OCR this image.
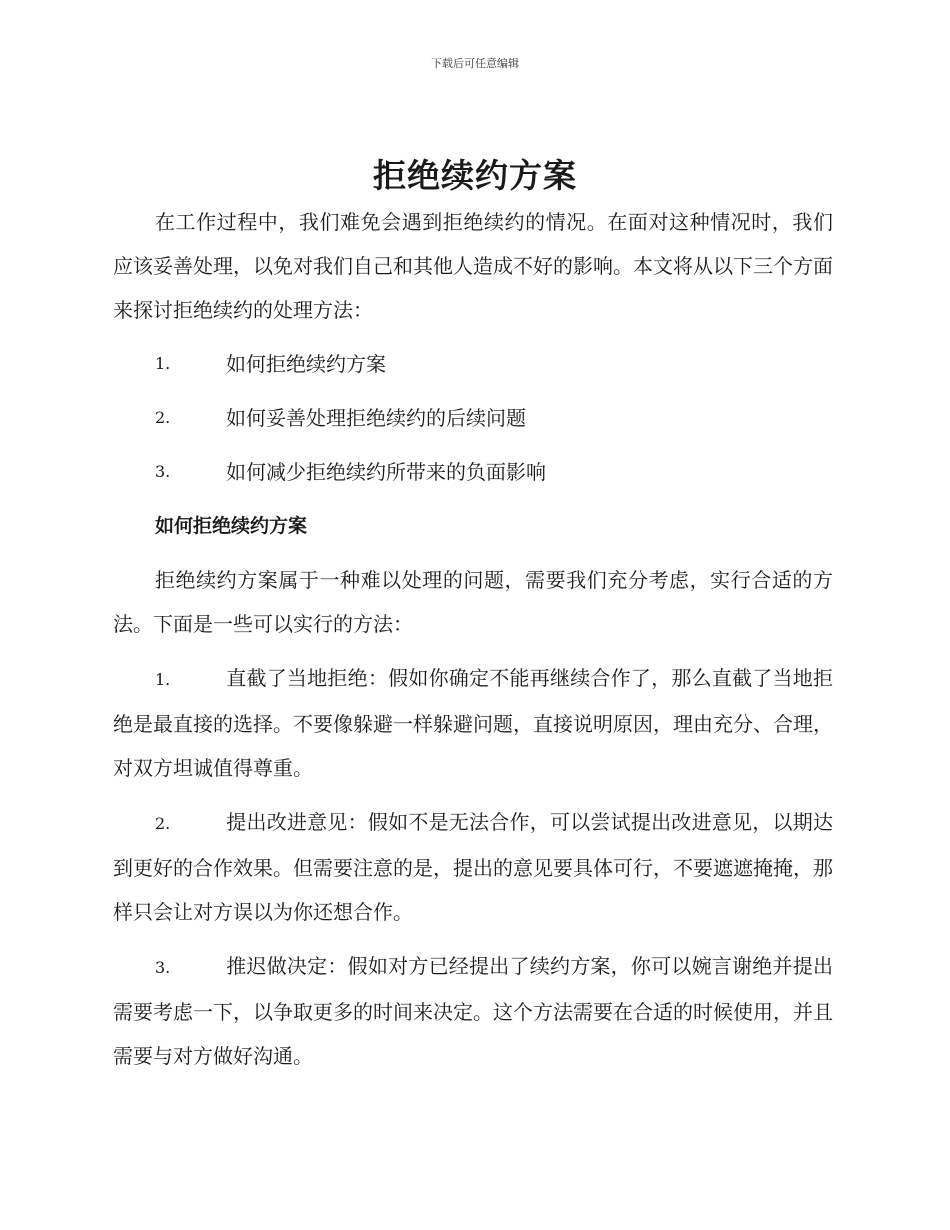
下载后可任意编辑
拒绝续约方案

在工作过程中，我们难免会遇到拒绝续约的情况。在面对这种情况时，我们应该妥善处理，以免对我们自己和其他人造成不好的影响。本文将从以下三个方面来探讨拒绝续约的处理方法：

1.	如何拒绝续约方案
2.	如何妥善处理拒绝续约的后续问题
3.	如何减少拒绝续约所带来的负面影响
如何拒绝续约方案

拒绝续约方案属于一种难以处理的问题，需要我们充分考虑，实行合适的方法。下面是一些可以实行的方法：

1.	直截了当地拒绝：假如你确定不能再继续合作了，那么直截了当地拒绝是最直接的选择。不要像躲避一样躲避问题，直接说明原因，理由充分、合理，对双方坦诚值得尊重。
2.	提出改进意见：假如不是无法合作，可以尝试提出改进意见，以期达到更好的合作效果。但需要注意的是，提出的意见要具体可行，不要遮遮掩掩，那样只会让对方误以为你还想合作。
3.	推迟做决定：假如对方已经提出了续约方案，你可以婉言谢绝并提出需要考虑一下，以争取更多的时间来决定。这个方法需要在合适的时候使用，并且需要与对方做好沟通。
